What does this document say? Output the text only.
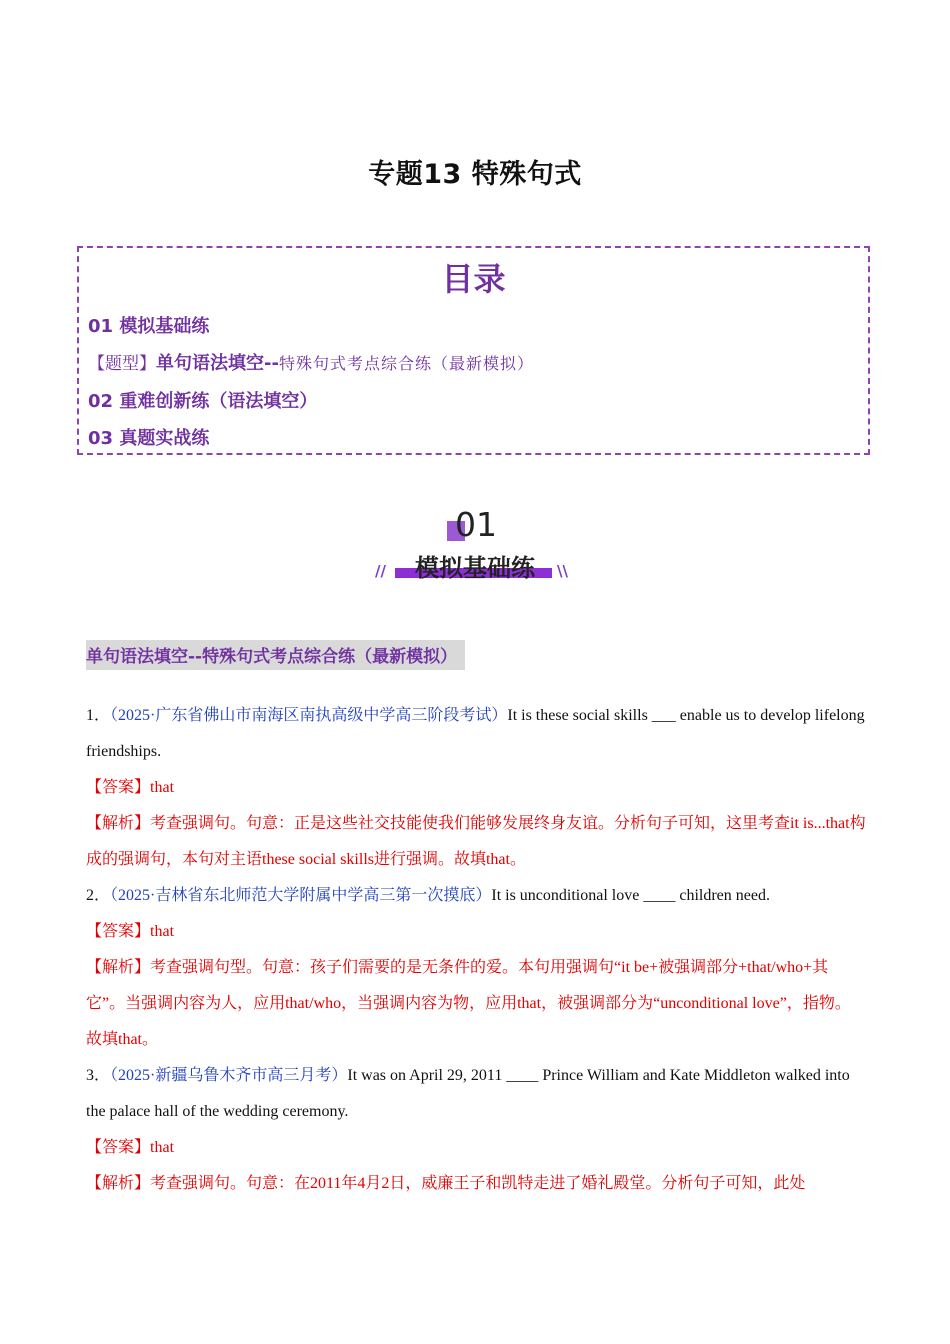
专题13 特殊句式
目录
01 模拟基础练
【题型】单句语法填空--特殊句式考点综合练（最新模拟）
02 重难创新练（语法填空）
03 真题实战练
01
模拟基础练
//	\\
单句语法填空--特殊句式考点综合练（最新模拟）

1．（2025·广东省佛山市南海区南执高级中学高三阶段考试）It is these social skills ___ enable us to develop lifelong friendships.

【答案】that

【解析】考查强调句。句意：正是这些社交技能使我们能够发展终身友谊。分析句子可知，这里考查it is...that构成的强调句，本句对主语these social skills进行强调。故填that。

2．（2025·吉林省东北师范大学附属中学高三第一次摸底）It is unconditional love ____ children need.

【答案】that

【解析】考查强调句型。句意：孩子们需要的是无条件的爱。本句用强调句“it be+被强调部分+that/who+其它”。当强调内容为人，应用that/who，当强调内容为物，应用that，被强调部分为“unconditional love”，指物。故填that。

3．（2025·新疆乌鲁木齐市高三月考）It was on April 29, 2011 ____ Prince William and Kate Middleton walked into the palace hall of the wedding ceremony.

【答案】that

【解析】考查强调句。句意：在2011年4月2日，威廉王子和凯特走进了婚礼殿堂。分析句子可知，此处
